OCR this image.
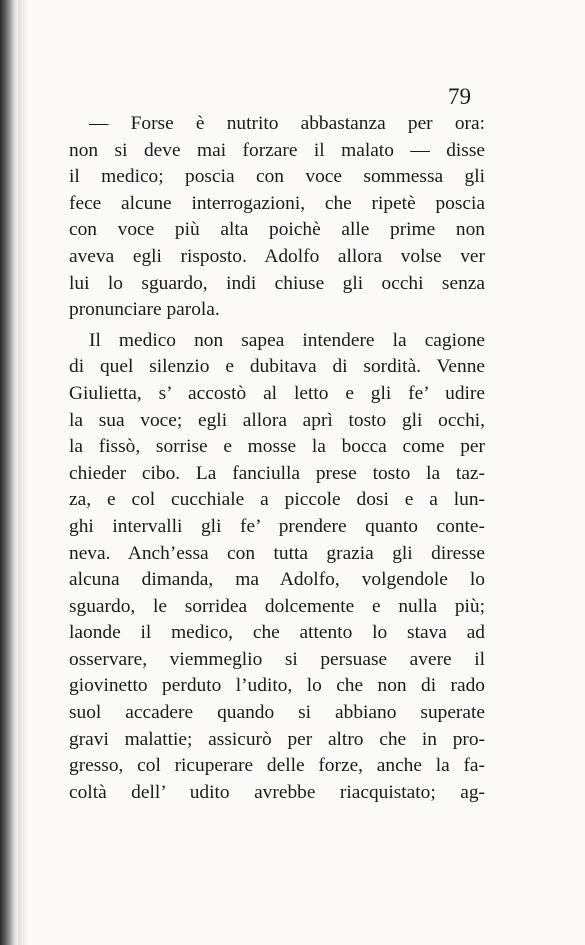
79
— Forse è nutrito abbastanza per ora:
non si deve mai forzare il malato — disse
il medico; poscia con voce sommessa gli
fece alcune interrogazioni, che ripetè poscia
con voce più alta poichè alle prime non
aveva egli risposto. Adolfo allora volse ver
lui lo sguardo, indi chiuse gli occhi senza
pronunciare parola.
Il medico non sapea intendere la cagione
di quel silenzio e dubitava di sordità. Venne
Giulietta, s’ accostò al letto e gli fe’ udire
la sua voce; egli allora aprì tosto gli occhi,
la fissò, sorrise e mosse la bocca come per
chieder cibo. La fanciulla prese tosto la taz-
za, e col cucchiale a piccole dosi e a lun-
ghi intervalli gli fe’ prendere quanto conte-
neva. Anch’essa con tutta grazia gli diresse
alcuna dimanda, ma Adolfo, volgendole lo
sguardo, le sorridea dolcemente e nulla più;
laonde il medico, che attento lo stava ad
osservare, viemmeglio si persuase avere il
giovinetto perduto l’udito, lo che non di rado
suol accadere quando si abbiano superate
gravi malattie; assicurò per altro che in pro-
gresso, col ricuperare delle forze, anche la fa-
coltà dell’ udito avrebbe riacquistato; ag-
